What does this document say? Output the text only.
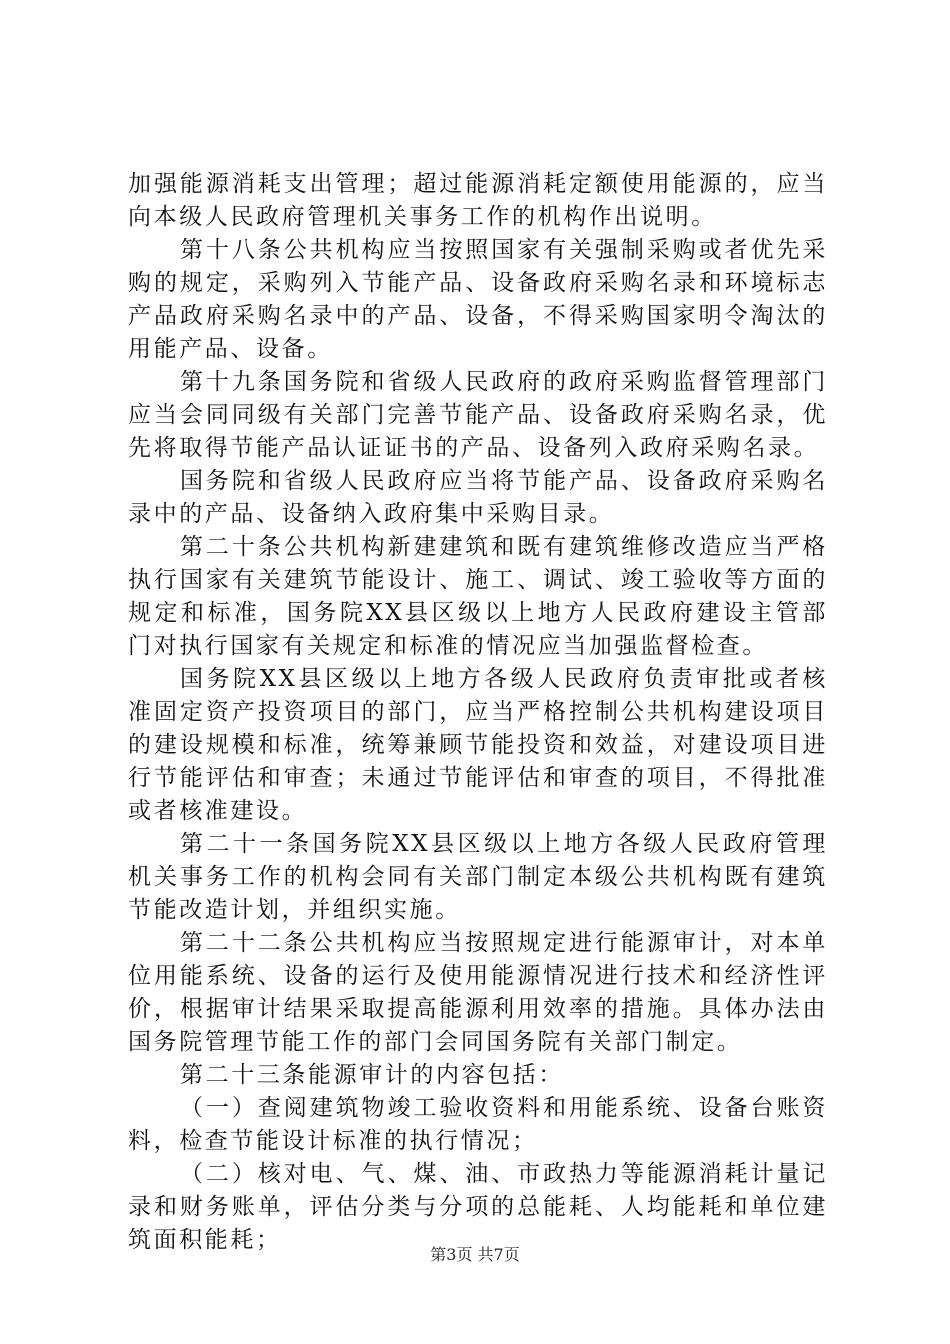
加强能源消耗支出管理；超过能源消耗定额使用能源的，应当向本级人民政府管理机关事务工作的机构作出说明。

第十八条公共机构应当按照国家有关强制采购或者优先采购的规定，采购列入节能产品、设备政府采购名录和环境标志产品政府采购名录中的产品、设备，不得采购国家明令淘汰的用能产品、设备。

第十九条国务院和省级人民政府的政府采购监督管理部门应当会同同级有关部门完善节能产品、设备政府采购名录，优先将取得节能产品认证证书的产品、设备列入政府采购名录。

国务院和省级人民政府应当将节能产品、设备政府采购名录中的产品、设备纳入政府集中采购目录。

第二十条公共机构新建建筑和既有建筑维修改造应当严格执行国家有关建筑节能设计、施工、调试、竣工验收等方面的规定和标准，国务院XX县区级以上地方人民政府建设主管部门对执行国家有关规定和标准的情况应当加强监督检查。

国务院XX县区级以上地方各级人民政府负责审批或者核准固定资产投资项目的部门，应当严格控制公共机构建设项目的建设规模和标准，统筹兼顾节能投资和效益，对建设项目进行节能评估和审查；未通过节能评估和审查的项目，不得批准或者核准建设。

第二十一条国务院XX县区级以上地方各级人民政府管理机关事务工作的机构会同有关部门制定本级公共机构既有建筑节能改造计划，并组织实施。

第二十二条公共机构应当按照规定进行能源审计，对本单位用能系统、设备的运行及使用能源情况进行技术和经济性评价，根据审计结果采取提高能源利用效率的措施。具体办法由国务院管理节能工作的部门会同国务院有关部门制定。

第二十三条能源审计的内容包括：

（一）查阅建筑物竣工验收资料和用能系统、设备台账资料，检查节能设计标准的执行情况；

（二）核对电、气、煤、油、市政热力等能源消耗计量记录和财务账单，评估分类与分项的总能耗、人均能耗和单位建筑面积能耗；

第3页 共7页
